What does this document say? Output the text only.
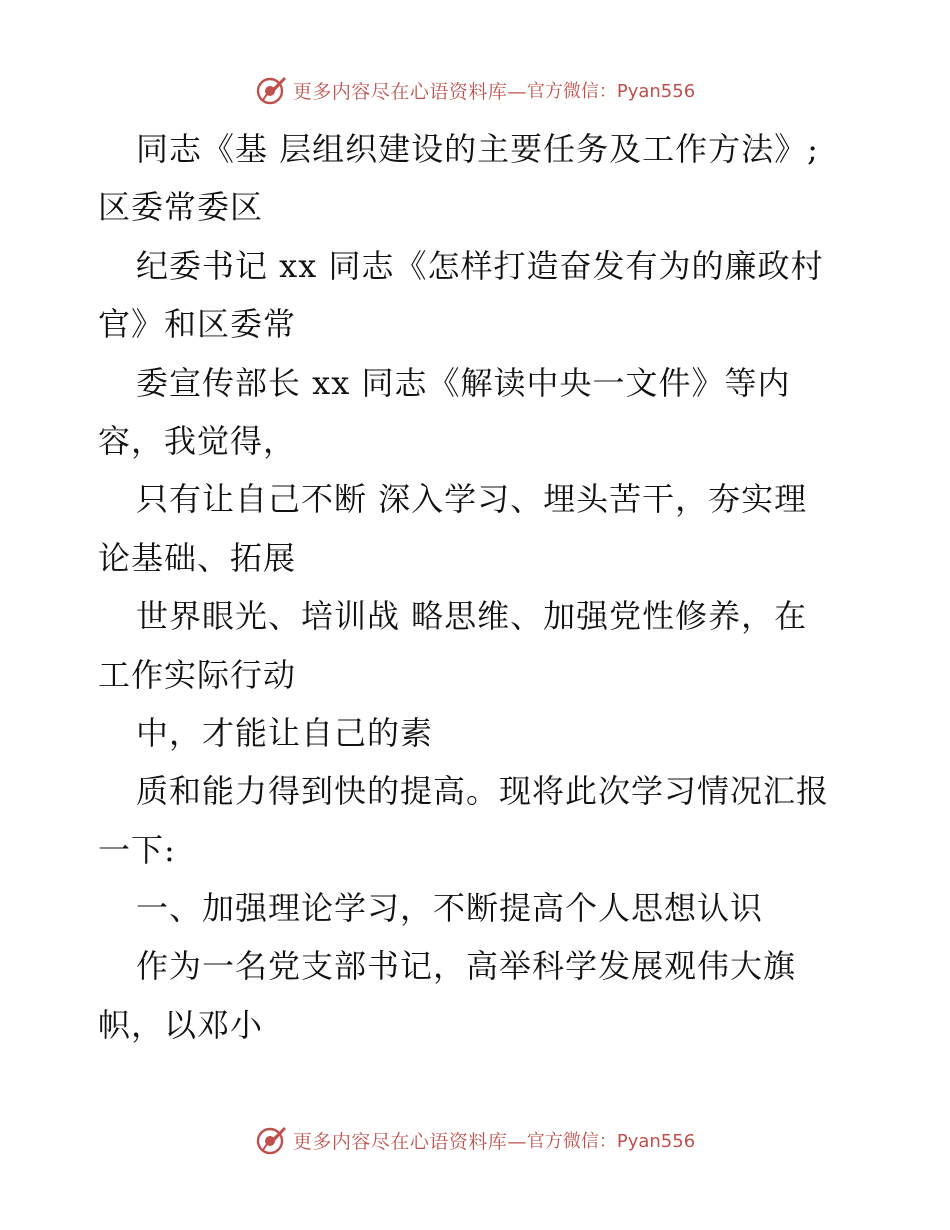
更多内容尽在心语资料库— 官方微信：Pyan556
同志《基 层组织建设的主要任务及工作方法》;
区委常委区
纪委书记 xx 同志《怎样打造奋发有为的廉政村
官》和区委常
委宣传部长 xx 同志《解读中央一文件》等内
容，我觉得，
只有让自己不断 深入学习、埋头苦干，夯实理
论基础、拓展
世界眼光、培训战 略思维、加强党性修养，在
工作实际行动
中，才能让自己的素
质和能力得到快的提高。现将此次学习情况汇报
一下:
一、加强理论学习，不断提高个人思想认识
作为一名党支部书记，高举科学发展观伟大旗
帜，以邓小
更多内容尽在心语资料库— 官方微信：Pyan556
